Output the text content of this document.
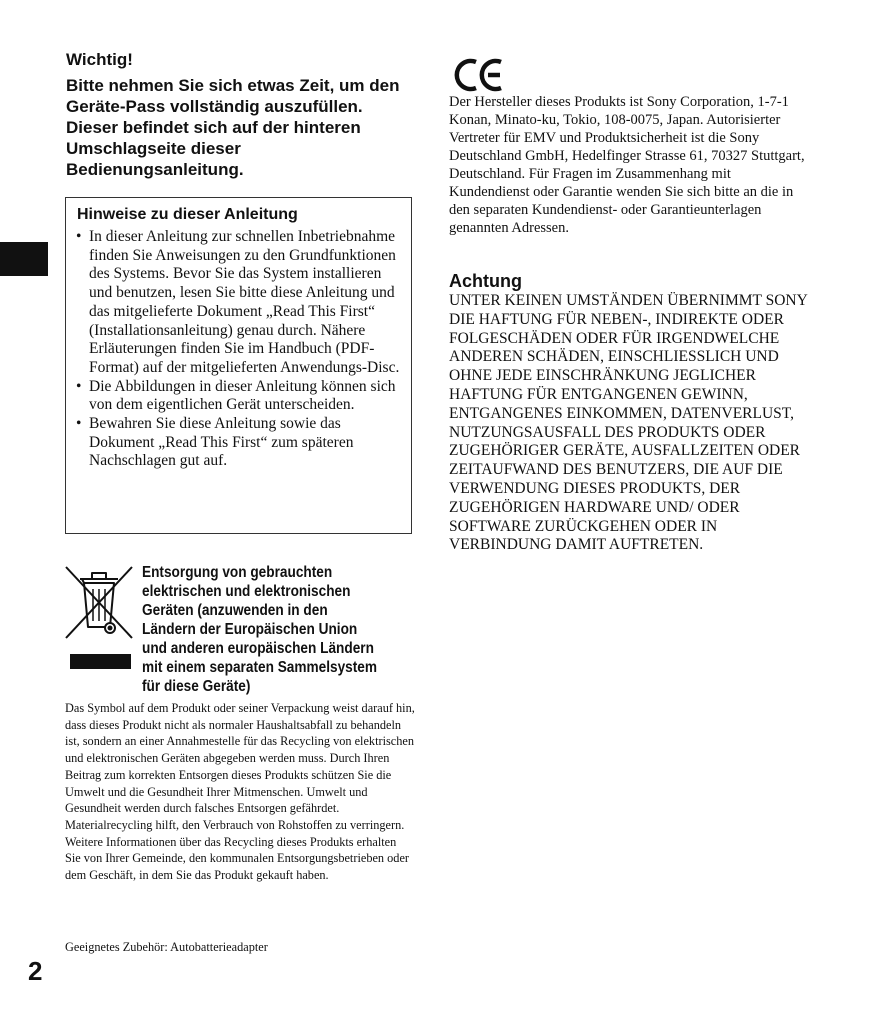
2
Wichtig!
Bitte nehmen Sie sich etwas Zeit, um den Geräte-Pass vollständig auszufüllen. Dieser befindet sich auf der hinteren Umschlagseite dieser Bedienungsanleitung.
Hinweise zu dieser Anleitung
• In dieser Anleitung zur schnellen Inbetriebnahme finden Sie Anweisungen zu den Grundfunktionen des Systems. Bevor Sie das System installieren und benutzen, lesen Sie bitte diese Anleitung und das mitgelieferte Dokument „Read This First“ (Installationsanleitung) genau durch. Nähere Erläuterungen finden Sie im Handbuch (PDF-Format) auf der mitgelieferten Anwendungs-Disc.
• Die Abbildungen in dieser Anleitung können sich von dem eigentlichen Gerät unterscheiden.
• Bewahren Sie diese Anleitung sowie das Dokument „Read This First“ zum späteren Nachschlagen gut auf.
Entsorgung von gebrauchten elektrischen und elektronischen Geräten (anzuwenden in den Ländern der Europäischen Union und anderen europäischen Ländern mit einem separaten Sammelsystem für diese Geräte)
Das Symbol auf dem Produkt oder seiner Verpackung weist darauf hin, dass dieses Produkt nicht als normaler Haushaltsabfall zu behandeln ist, sondern an einer Annahmestelle für das Recycling von elektrischen und elektronischen Geräten abgegeben werden muss. Durch Ihren Beitrag zum korrekten Entsorgen dieses Produkts schützen Sie die Umwelt und die Gesundheit Ihrer Mitmenschen. Umwelt und Gesundheit werden durch falsches Entsorgen gefährdet. Materialrecycling hilft, den Verbrauch von Rohstoffen zu verringern. Weitere Informationen über das Recycling dieses Produkts erhalten Sie von Ihrer Gemeinde, den kommunalen Entsorgungsbetrieben oder dem Geschäft, in dem Sie das Produkt gekauft haben.
Geeignetes Zubehör: Autobatterieadapter
Der Hersteller dieses Produkts ist Sony Corporation, 1-7-1 Konan, Minato-ku, Tokio, 108-0075, Japan. Autorisierter Vertreter für EMV und Produktsicherheit ist die Sony Deutschland GmbH, Hedelfinger Strasse 61, 70327 Stuttgart, Deutschland. Für Fragen im Zusammenhang mit Kundendienst oder Garantie wenden Sie sich bitte an die in den separaten Kundendienst- oder Garantieunterlagen genannten Adressen.
Achtung
UNTER KEINEN UMSTÄNDEN ÜBERNIMMT SONY DIE HAFTUNG FÜR NEBEN-, INDIREKTE ODER FOLGESCHÄDEN ODER FÜR IRGENDWELCHE ANDEREN SCHÄDEN, EINSCHLIESSLICH UND OHNE JEDE EINSCHRÄNKUNG JEGLICHER HAFTUNG FÜR ENTGANGENEN GEWINN, ENTGANGENES EINKOMMEN, DATENVERLUST, NUTZUNGSAUSFALL DES PRODUKTS ODER ZUGEHÖRIGER GERÄTE, AUSFALLZEITEN ODER ZEITAUFWAND DES BENUTZERS, DIE AUF DIE VERWENDUNG DIESES PRODUKTS, DER ZUGEHÖRIGEN HARDWARE UND/ ODER SOFTWARE ZURÜCKGEHEN ODER IN VERBINDUNG DAMIT AUFTRETEN.
